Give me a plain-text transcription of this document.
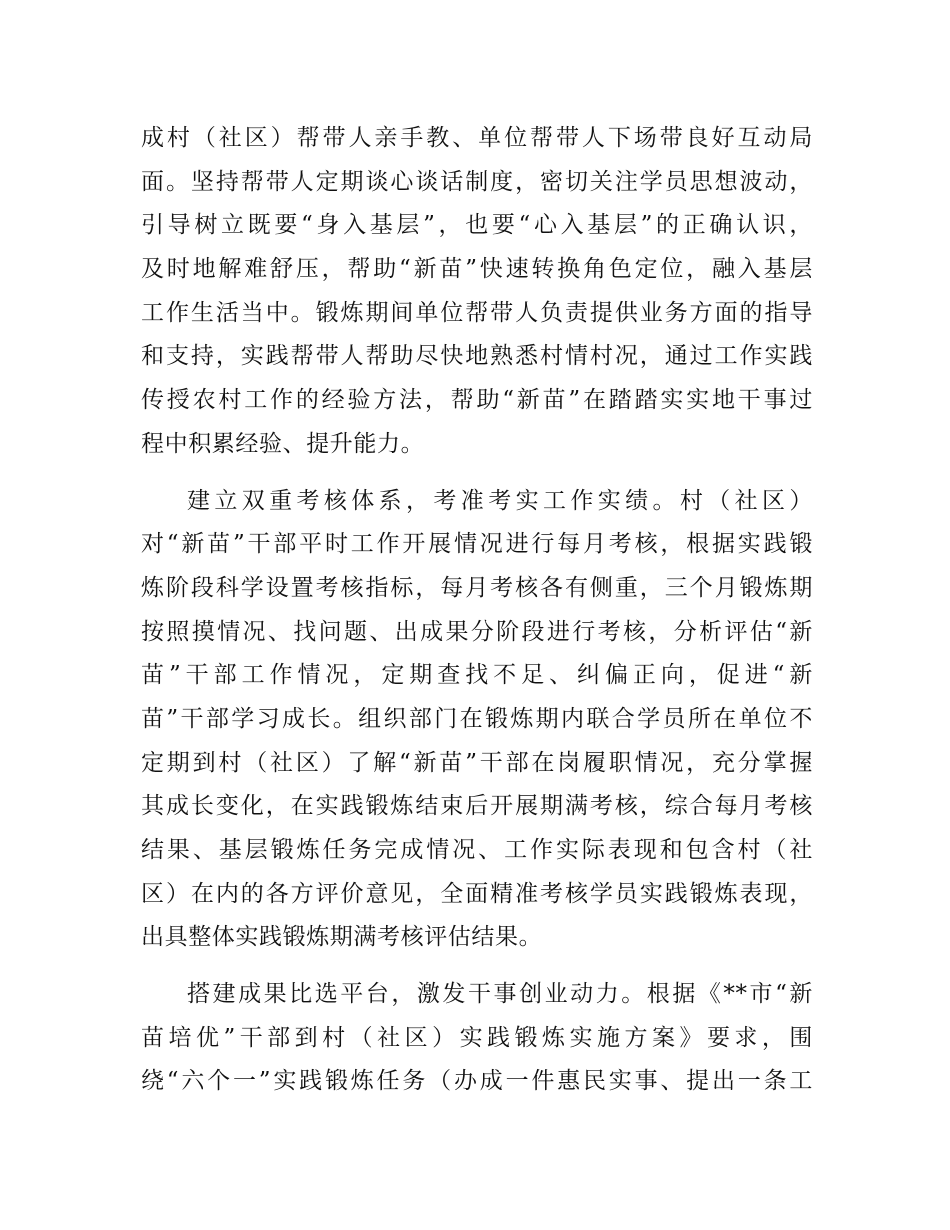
成村（社区）帮带人亲手教、单位帮带人下场带良好互动局
面。坚持帮带人定期谈心谈话制度，密切关注学员思想波动，
引导树立既要“身入基层”，也要“心入基层”的正确认识，
及时地解难舒压，帮助“新苗”快速转换角色定位，融入基层
工作生活当中。锻炼期间单位帮带人负责提供业务方面的指导
和支持，实践帮带人帮助尽快地熟悉村情村况，通过工作实践
传授农村工作的经验方法，帮助“新苗”在踏踏实实地干事过
程中积累经验、提升能力。

建立双重考核体系，考准考实工作实绩。村（社区）
对“新苗”干部平时工作开展情况进行每月考核，根据实践锻
炼阶段科学设置考核指标，每月考核各有侧重，三个月锻炼期
按照摸情况、找问题、出成果分阶段进行考核，分析评估“新
苗”干部工作情况，定期查找不足、纠偏正向，促进“新
苗”干部学习成长。组织部门在锻炼期内联合学员所在单位不
定期到村（社区）了解“新苗”干部在岗履职情况，充分掌握
其成长变化，在实践锻炼结束后开展期满考核，综合每月考核
结果、基层锻炼任务完成情况、工作实际表现和包含村（社
区）在内的各方评价意见，全面精准考核学员实践锻炼表现，
出具整体实践锻炼期满考核评估结果。

搭建成果比选平台，激发干事创业动力。根据《**市“新
苗培优”干部到村（社区）实践锻炼实施方案》要求，围
绕“六个一”实践锻炼任务（办成一件惠民实事、提出一条工
